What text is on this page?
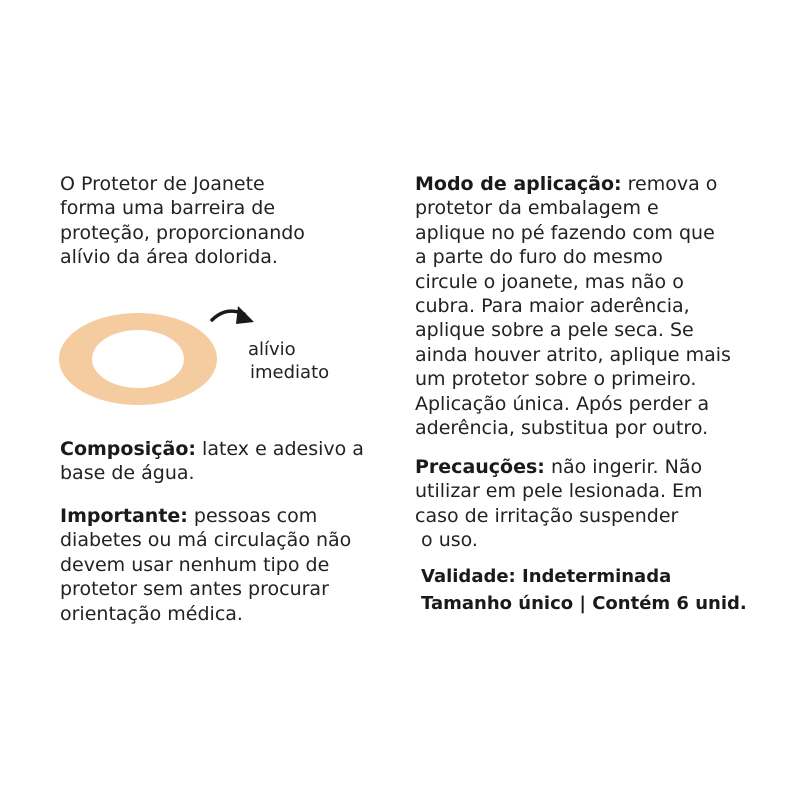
O Protetor de Joanete
forma uma barreira de
proteção, proporcionando
alívio da área dolorida.

alívio
imediato

Composição: latex e adesivo a
base de água.

Importante: pessoas com
diabetes ou má circulação não
devem usar nenhum tipo de
protetor sem antes procurar
orientação médica.

Modo de aplicação: remova o
protetor da embalagem e
aplique no pé fazendo com que
a parte do furo do mesmo
circule o joanete, mas não o
cubra. Para maior aderência,
aplique sobre a pele seca. Se
ainda houver atrito, aplique mais
um protetor sobre o primeiro.
Aplicação única. Após perder a
aderência, substitua por outro.

Precauções: não ingerir. Não
utilizar em pele lesionada. Em
caso de irritação suspender
o uso.

Validade: Indeterminada
Tamanho único | Contém 6 unid.
